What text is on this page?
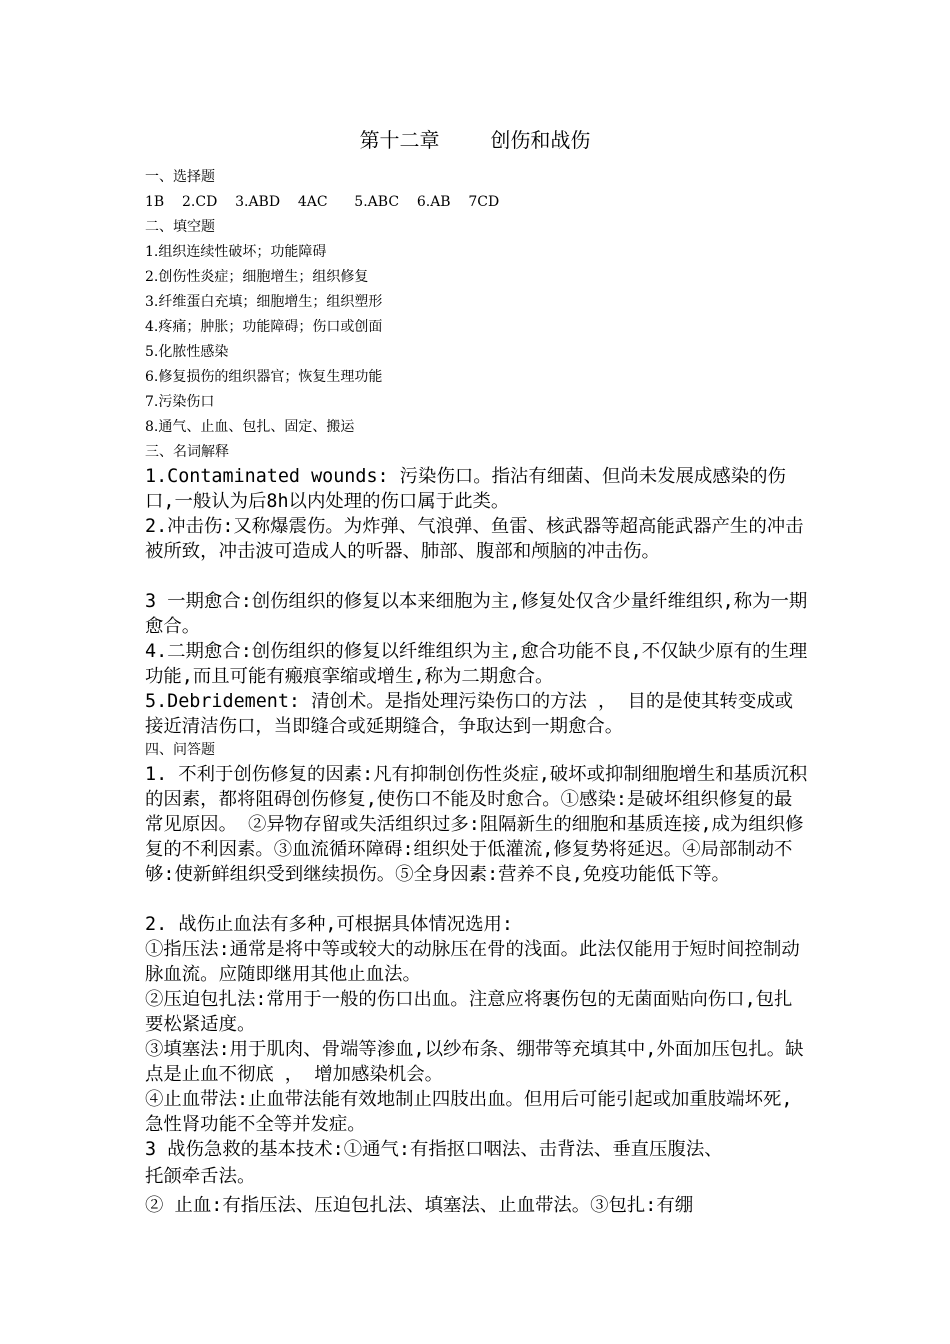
第十二章        创伤和战伤
一、选择题
1B    2.CD    3.ABD    4AC      5.ABC    6.AB    7CD
二、填空题
1.组织连续性破坏；功能障碍
2.创伤性炎症；细胞增生；组织修复
3.纤维蛋白充填；细胞增生；组织塑形
4.疼痛；肿胀；功能障碍；伤口或创面
5.化脓性感染
6.修复损伤的组织器官；恢复生理功能
7.污染伤口
8.通气、止血、包扎、固定、搬运
三、名词解释
1.Contaminated wounds: 污染伤口。指沾有细菌、但尚未发展成感染的伤口,一般认为后8h以内处理的伤口属于此类。
2.冲击伤:又称爆震伤。为炸弹、气浪弹、鱼雷、核武器等超高能武器产生的冲击被所致，冲击波可造成人的听器、肺部、腹部和颅脑的冲击伤。
3 一期愈合:创伤组织的修复以本来细胞为主,修复处仅含少量纤维组织,称为一期愈合。
4.二期愈合:创伤组织的修复以纤维组织为主,愈合功能不良,不仅缺少原有的生理功能,而且可能有瘢痕挛缩或增生,称为二期愈合。
5.Debridement: 清创术。是指处理污染伤口的方法 ， 目的是使其转变成或接近清洁伤口，当即缝合或延期缝合，争取达到一期愈合。
四、问答题
1. 不利于创伤修复的因素:凡有抑制创伤性炎症,破坏或抑制细胞增生和基质沉积的因素，都将阻碍创伤修复,使伤口不能及时愈合。①感染:是破坏组织修复的最常见原因。 ②异物存留或失活组织过多:阻隔新生的细胞和基质连接,成为组织修复的不利因素。③血流循环障碍:组织处于低灌流,修复势将延迟。④局部制动不够:使新鲜组织受到继续损伤。⑤全身因素:营养不良,免疫功能低下等。
2. 战伤止血法有多种,可根据具体情况选用:
①指压法:通常是将中等或较大的动脉压在骨的浅面。此法仅能用于短时间控制动脉血流。应随即继用其他止血法。
②压迫包扎法:常用于一般的伤口出血。注意应将裹伤包的无菌面贴向伤口,包扎要松紧适度。
③填塞法:用于肌肉、骨端等渗血,以纱布条、绷带等充填其中,外面加压包扎。缺点是止血不彻底 ， 增加感染机会。
④止血带法:止血带法能有效地制止四肢出血。但用后可能引起或加重肢端坏死,急性肾功能不全等并发症。
3 战伤急救的基本技术:①通气:有指抠口咽法、击背法、垂直压腹法、
托颌牵舌法。
② 止血:有指压法、压迫包扎法、填塞法、止血带法。③包扎:有绷
